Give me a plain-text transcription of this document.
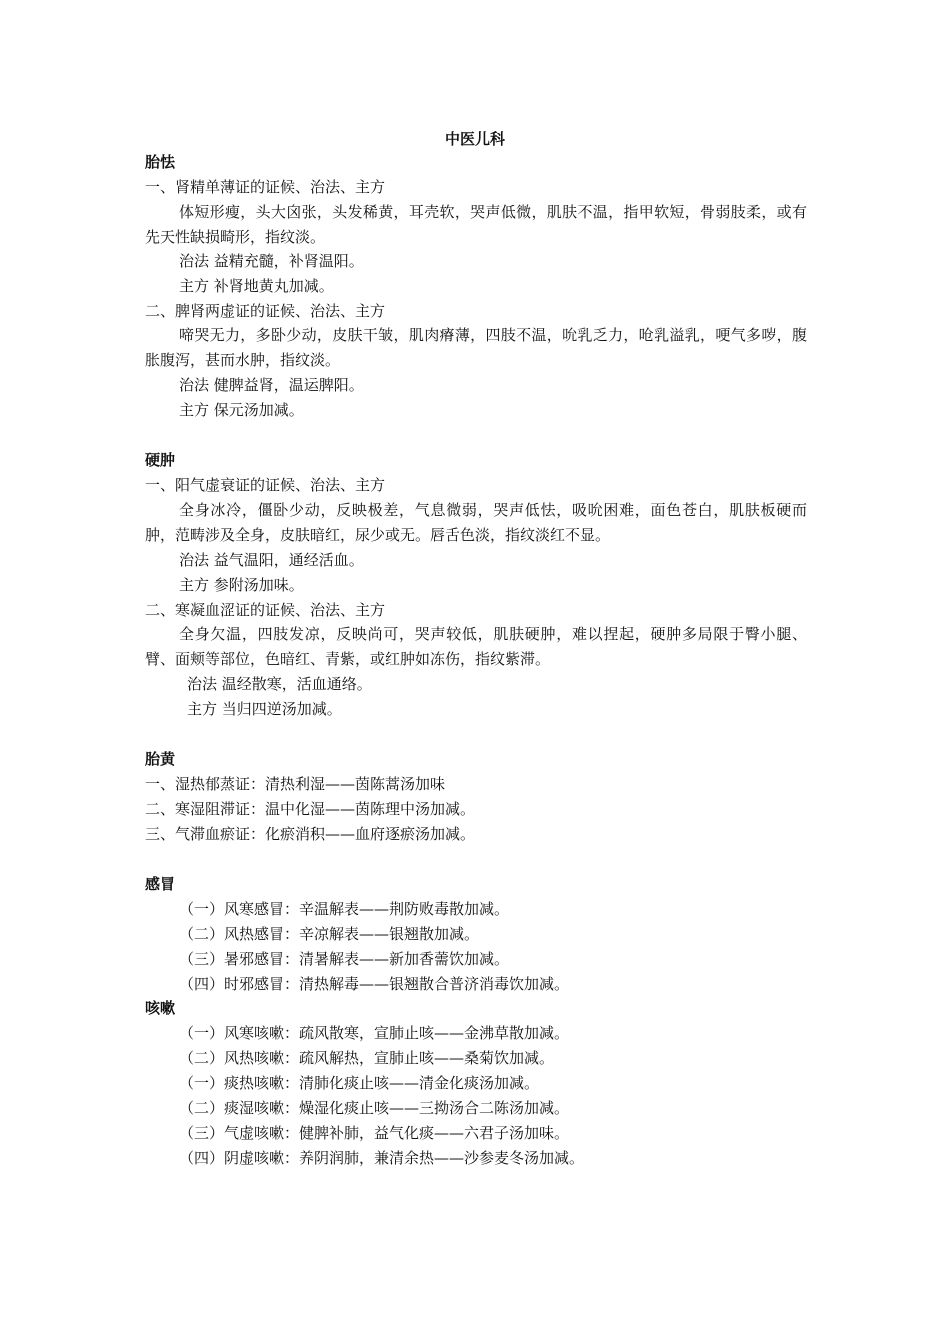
中医儿科
胎怯
一、肾精单薄证的证候、治法、主方
体短形瘦，头大囟张，头发稀黄，耳壳软，哭声低微，肌肤不温，指甲软短，骨弱肢柔，或有先天性缺损畸形，指纹淡。
治法 益精充髓，补肾温阳。
主方 补肾地黄丸加减。
二、脾肾两虚证的证候、治法、主方
啼哭无力，多卧少动，皮肤干皱，肌肉瘠薄，四肢不温，吮乳乏力，呛乳溢乳，哽气多哕，腹胀腹泻，甚而水肿，指纹淡。
治法 健脾益肾，温运脾阳。
主方 保元汤加减。
硬肿
一、阳气虚衰证的证候、治法、主方
全身冰冷，僵卧少动，反映极差，气息微弱，哭声低怯，吸吮困难，面色苍白，肌肤板硬而肿，范畴涉及全身，皮肤暗红，尿少或无。唇舌色淡，指纹淡红不显。
治法 益气温阳，通经活血。
主方 参附汤加味。
二、寒凝血涩证的证候、治法、主方
全身欠温，四肢发凉，反映尚可，哭声较低，肌肤硬肿，难以捏起，硬肿多局限于臀小腿、臂、面颊等部位，色暗红、青紫，或红肿如冻伤，指纹紫滞。
治法 温经散寒，活血通络。
主方 当归四逆汤加减。
胎黄
一、湿热郁蒸证：清热利湿——茵陈蒿汤加味
二、寒湿阻滞证：温中化湿——茵陈理中汤加减。
三、气滞血瘀证：化瘀消积——血府逐瘀汤加减。
感冒
（一）风寒感冒：辛温解表——荆防败毒散加减。
（二）风热感冒：辛凉解表——银翘散加减。
（三）暑邪感冒：清暑解表——新加香薷饮加减。
（四）时邪感冒：清热解毒——银翘散合普济消毒饮加减。
咳嗽
（一）风寒咳嗽：疏风散寒，宣肺止咳——金沸草散加减。
（二）风热咳嗽：疏风解热，宣肺止咳——桑菊饮加减。
（一）痰热咳嗽：清肺化痰止咳——清金化痰汤加减。
（二）痰湿咳嗽：燥湿化痰止咳——三拗汤合二陈汤加减。
（三）气虚咳嗽：健脾补肺，益气化痰——六君子汤加味。
（四）阴虚咳嗽：养阴润肺，兼清余热——沙参麦冬汤加减。
